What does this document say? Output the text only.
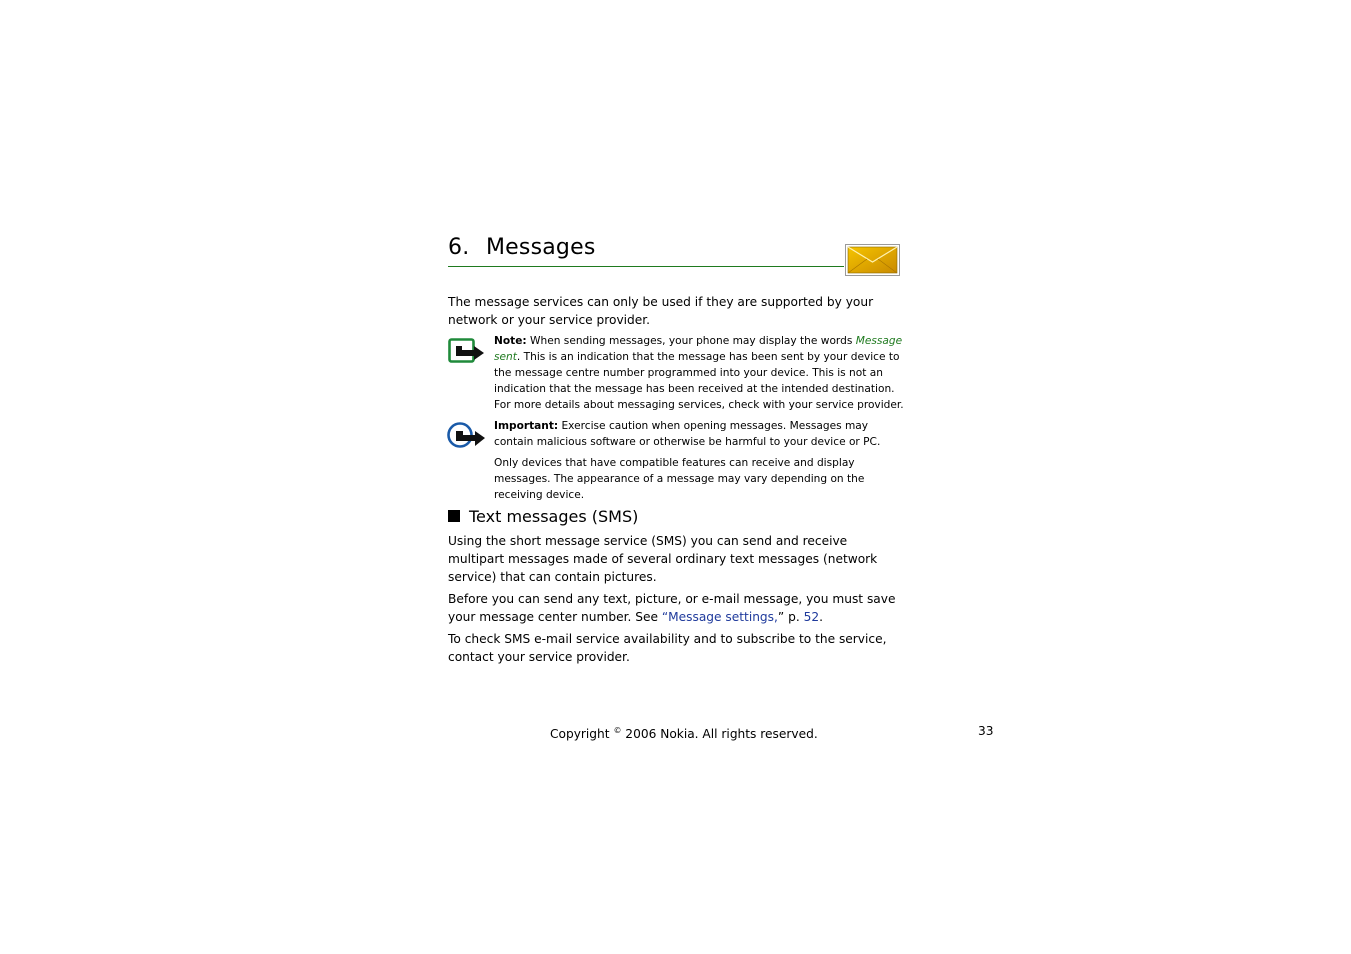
6. Messages
The message services can only be used if they are supported by your network or your service provider.
Note: When sending messages, your phone may display the words Message sent. This is an indication that the message has been sent by your device to the message centre number programmed into your device. This is not an indication that the message has been received at the intended destination. For more details about messaging services, check with your service provider.
Important: Exercise caution when opening messages. Messages may contain malicious software or otherwise be harmful to your device or PC.
Only devices that have compatible features can receive and display messages. The appearance of a message may vary depending on the receiving device.
Text messages (SMS)
Using the short message service (SMS) you can send and receive multipart messages made of several ordinary text messages (network service) that can contain pictures.
Before you can send any text, picture, or e-mail message, you must save your message center number. See “Message settings,” p. 52.
To check SMS e-mail service availability and to subscribe to the service, contact your service provider.
Copyright © 2006 Nokia. All rights reserved.	33
